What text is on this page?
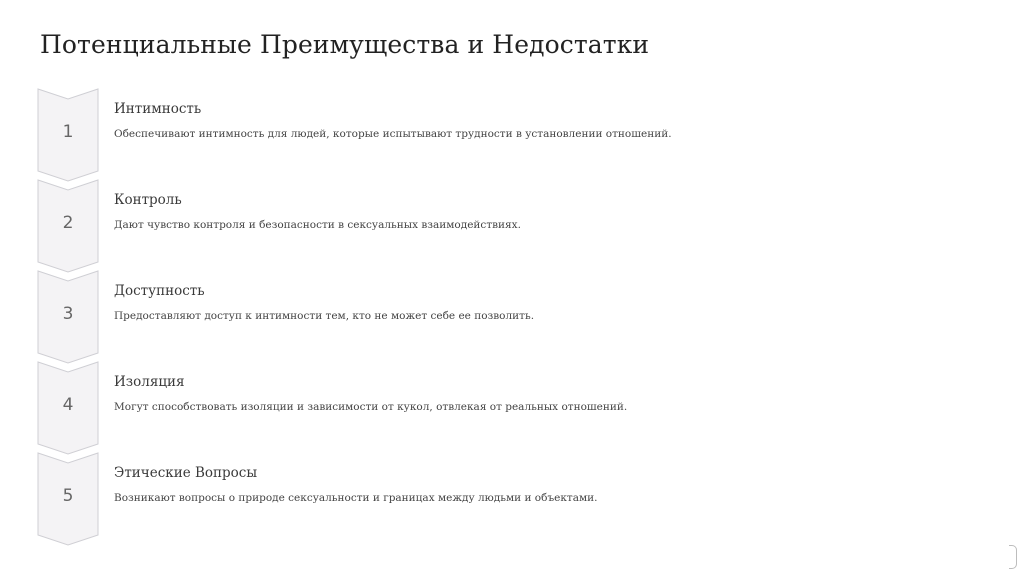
Потенциальные Преимущества и Недостатки
1
Интимность
Обеспечивают интимность для людей, которые испытывают трудности в установлении отношений.
2
Контроль
Дают чувство контроля и безопасности в сексуальных взаимодействиях.
3
Доступность
Предоставляют доступ к интимности тем, кто не может себе ее позволить.
4
Изоляция
Могут способствовать изоляции и зависимости от кукол, отвлекая от реальных отношений.
5
Этические Вопросы
Возникают вопросы о природе сексуальности и границах между людьми и объектами.
